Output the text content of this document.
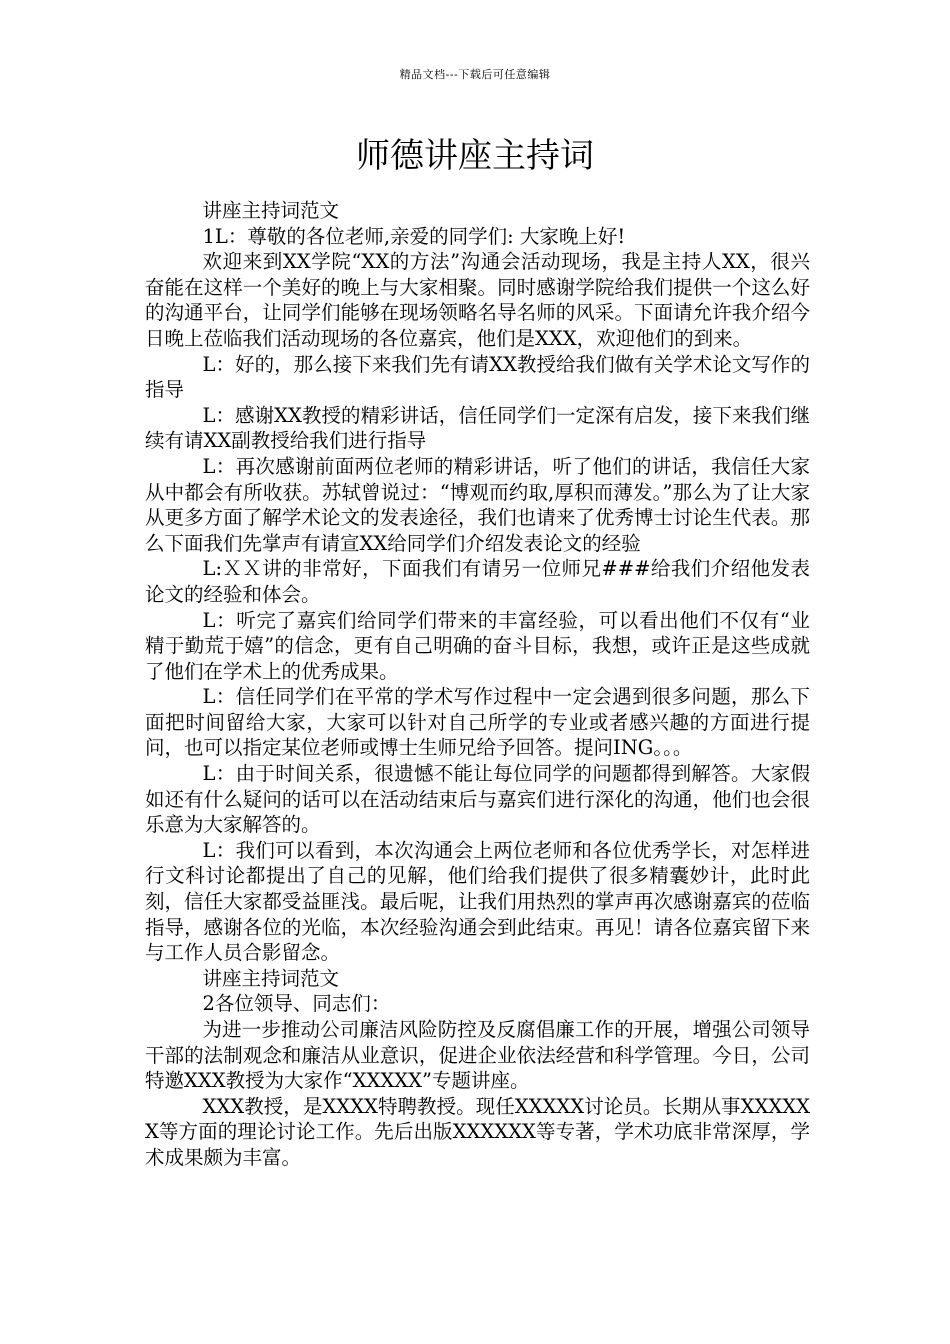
精品文档---下载后可任意编辑
师德讲座主持词

讲座主持词范文

1L：尊敬的各位老师,亲爱的同学们: 大家晚上好!

欢迎来到XX学院“XX的方法”沟通会活动现场，我是主持人XX，很兴奋能在这样一个美好的晚上与大家相聚。同时感谢学院给我们提供一个这么好的沟通平台，让同学们能够在现场领略名导名师的风采。下面请允许我介绍今日晚上莅临我们活动现场的各位嘉宾，他们是XXX，欢迎他们的到来。

L：好的，那么接下来我们先有请XX教授给我们做有关学术论文写作的指导

L：感谢XX教授的精彩讲话，信任同学们一定深有启发，接下来我们继续有请XX副教授给我们进行指导

L：再次感谢前面两位老师的精彩讲话，听了他们的讲话，我信任大家从中都会有所收获。苏轼曾说过：“博观而约取,厚积而薄发。”那么为了让大家从更多方面了解学术论文的发表途径，我们也请来了优秀博士讨论生代表。那么下面我们先掌声有请宣XX给同学们介绍发表论文的经验

L:ＸＸ讲的非常好，下面我们有请另一位师兄###给我们介绍他发表论文的经验和体会。

L：听完了嘉宾们给同学们带来的丰富经验，可以看出他们不仅有“业精于勤荒于嬉”的信念，更有自己明确的奋斗目标，我想，或许正是这些成就了他们在学术上的优秀成果。

L：信任同学们在平常的学术写作过程中一定会遇到很多问题，那么下面把时间留给大家，大家可以针对自己所学的专业或者感兴趣的方面进行提问，也可以指定某位老师或博士生师兄给予回答。提问ING。。。

L：由于时间关系，很遗憾不能让每位同学的问题都得到解答。大家假如还有什么疑问的话可以在活动结束后与嘉宾们进行深化的沟通，他们也会很乐意为大家解答的。

L：我们可以看到，本次沟通会上两位老师和各位优秀学长，对怎样进行文科讨论都提出了自己的见解，他们给我们提供了很多精囊妙计，此时此刻，信任大家都受益匪浅。最后呢，让我们用热烈的掌声再次感谢嘉宾的莅临指导，感谢各位的光临，本次经验沟通会到此结束。再见！请各位嘉宾留下来与工作人员合影留念。

讲座主持词范文

2各位领导、同志们：

为进一步推动公司廉洁风险防控及反腐倡廉工作的开展，增强公司领导干部的法制观念和廉洁从业意识，促进企业依法经营和科学管理。今日，公司特邀XXX教授为大家作“XXXXX”专题讲座。

XXX教授，是XXXX特聘教授。现任XXXXX讨论员。长期从事XXXXXX等方面的理论讨论工作。先后出版XXXXXX等专著，学术功底非常深厚，学术成果颇为丰富。
